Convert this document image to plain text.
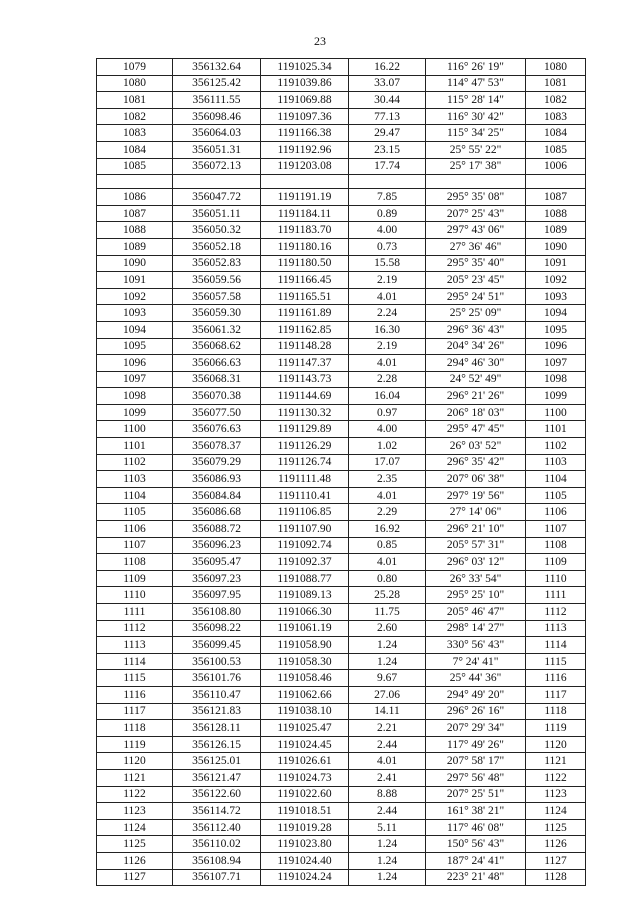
23
1079	356132.64	1191025.34	16.22	116° 26' 19"	1080
1080	356125.42	1191039.86	33.07	114° 47' 53"	1081
1081	356111.55	1191069.88	30.44	115° 28' 14"	1082
1082	356098.46	1191097.36	77.13	116° 30' 42"	1083
1083	356064.03	1191166.38	29.47	115° 34' 25"	1084
1084	356051.31	1191192.96	23.15	25° 55' 22"	1085
1085	356072.13	1191203.08	17.74	25° 17' 38"	1006

1086	356047.72	1191191.19	7.85	295° 35' 08"	1087
1087	356051.11	1191184.11	0.89	207° 25' 43"	1088
1088	356050.32	1191183.70	4.00	297° 43' 06"	1089
1089	356052.18	1191180.16	0.73	27° 36' 46"	1090
1090	356052.83	1191180.50	15.58	295° 35' 40"	1091
1091	356059.56	1191166.45	2.19	205° 23' 45"	1092
1092	356057.58	1191165.51	4.01	295° 24' 51"	1093
1093	356059.30	1191161.89	2.24	25° 25' 09"	1094
1094	356061.32	1191162.85	16.30	296° 36' 43"	1095
1095	356068.62	1191148.28	2.19	204° 34' 26"	1096
1096	356066.63	1191147.37	4.01	294° 46' 30"	1097
1097	356068.31	1191143.73	2.28	24° 52' 49"	1098
1098	356070.38	1191144.69	16.04	296° 21' 26"	1099
1099	356077.50	1191130.32	0.97	206° 18' 03"	1100
1100	356076.63	1191129.89	4.00	295° 47' 45"	1101
1101	356078.37	1191126.29	1.02	26° 03' 52"	1102
1102	356079.29	1191126.74	17.07	296° 35' 42"	1103
1103	356086.93	1191111.48	2.35	207° 06' 38"	1104
1104	356084.84	1191110.41	4.01	297° 19' 56"	1105
1105	356086.68	1191106.85	2.29	27° 14' 06"	1106
1106	356088.72	1191107.90	16.92	296° 21' 10"	1107
1107	356096.23	1191092.74	0.85	205° 57' 31"	1108
1108	356095.47	1191092.37	4.01	296° 03' 12"	1109
1109	356097.23	1191088.77	0.80	26° 33' 54"	1110
1110	356097.95	1191089.13	25.28	295° 25' 10"	1111
1111	356108.80	1191066.30	11.75	205° 46' 47"	1112
1112	356098.22	1191061.19	2.60	298° 14' 27"	1113
1113	356099.45	1191058.90	1.24	330° 56' 43"	1114
1114	356100.53	1191058.30	1.24	7° 24' 41"	1115
1115	356101.76	1191058.46	9.67	25° 44' 36"	1116
1116	356110.47	1191062.66	27.06	294° 49' 20"	1117
1117	356121.83	1191038.10	14.11	296° 26' 16"	1118
1118	356128.11	1191025.47	2.21	207° 29' 34"	1119
1119	356126.15	1191024.45	2.44	117° 49' 26"	1120
1120	356125.01	1191026.61	4.01	207° 58' 17"	1121
1121	356121.47	1191024.73	2.41	297° 56' 48"	1122
1122	356122.60	1191022.60	8.88	207° 25' 51"	1123
1123	356114.72	1191018.51	2.44	161° 38' 21"	1124
1124	356112.40	1191019.28	5.11	117° 46' 08"	1125
1125	356110.02	1191023.80	1.24	150° 56' 43"	1126
1126	356108.94	1191024.40	1.24	187° 24' 41"	1127
1127	356107.71	1191024.24	1.24	223° 21' 48"	1128
